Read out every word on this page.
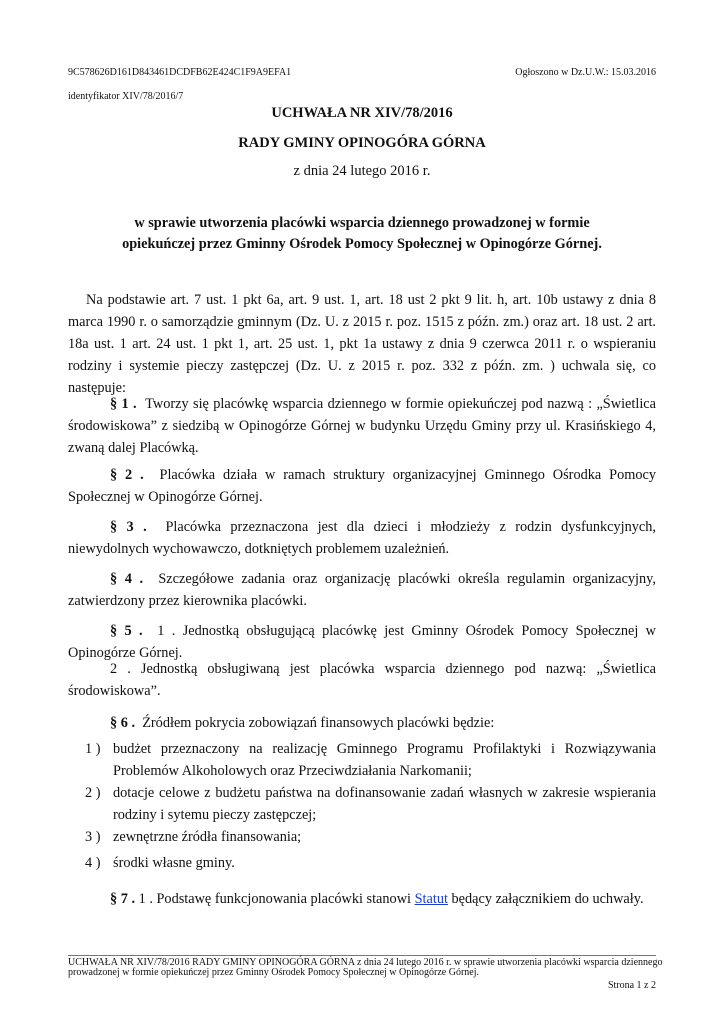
9C578626D161D843461DCDFB62E424C1F9A9EFA1	Ogłoszono w Dz.U.W.: 15.03.2016
identyfikator XIV/78/2016/7
UCHWAŁA NR XIV/78/2016
RADY GMINY OPINOGÓRA GÓRNA
z dnia 24 lutego 2016 r.
w sprawie utworzenia placówki wsparcia dziennego prowadzonej w formie
opiekuńczej przez Gminny Ośrodek Pomocy Społecznej w Opinogórze Górnej.
Na podstawie art. 7 ust. 1 pkt 6a, art. 9 ust. 1, art. 18 ust 2 pkt 9 lit. h, art. 10b ustawy z dnia 8 marca 1990 r. o samorządzie gminnym (Dz. U. z 2015 r. poz. 1515 z późn. zm.) oraz art. 18 ust. 2 art. 18a ust. 1 art. 24 ust. 1 pkt 1, art. 25 ust. 1, pkt 1a ustawy z dnia 9 czerwca 2011 r. o wspieraniu rodziny i systemie pieczy zastępczej (Dz. U. z 2015 r. poz. 332 z późn. zm. ) uchwala się, co następuje:
§ 1 . Tworzy się placówkę wsparcia dziennego w formie opiekuńczej pod nazwą : „Świetlica środowiskowa” z siedzibą w Opinogórze Górnej w budynku Urzędu Gminy przy ul. Krasińskiego 4, zwaną dalej Placówką.
§ 2 . Placówka działa w ramach struktury organizacyjnej Gminnego Ośrodka Pomocy Społecznej w Opinogórze Górnej.
§ 3 . Placówka przeznaczona jest dla dzieci i młodzieży z rodzin dysfunkcyjnych, niewydolnych wychowawczo, dotkniętych problemem uzależnień.
§ 4 . Szczegółowe zadania oraz organizację placówki określa regulamin organizacyjny, zatwierdzony przez kierownika placówki.
§ 5 . 1 . Jednostką obsługującą placówkę jest Gminny Ośrodek Pomocy Społecznej w Opinogórze Górnej.
2 . Jednostką obsługiwaną jest placówka wsparcia dziennego pod nazwą: „Świetlica środowiskowa”.
§ 6 . Źródłem pokrycia zobowiązań finansowych placówki będzie:
1 ) budżet przeznaczony na realizację Gminnego Programu Profilaktyki i Rozwiązywania Problemów Alkoholowych oraz Przeciwdziałania Narkomanii;
2 ) dotacje celowe z budżetu państwa na dofinansowanie zadań własnych w zakresie wspierania rodziny i sytemu pieczy zastępczej;
3 ) zewnętrzne źródła finansowania;
4 ) środki własne gminy.
§ 7 . 1 . Podstawę funkcjonowania placówki stanowi Statut będący załącznikiem do uchwały.
UCHWAŁA NR XIV/78/2016 RADY GMINY OPINOGÓRA GÓRNA z dnia 24 lutego 2016 r. w sprawie utworzenia placówki wsparcia dziennego
prowadzonej w formie opiekuńczej przez Gminny Ośrodek Pomocy Społecznej w Opinogórze Górnej.
Strona 1 z 2
